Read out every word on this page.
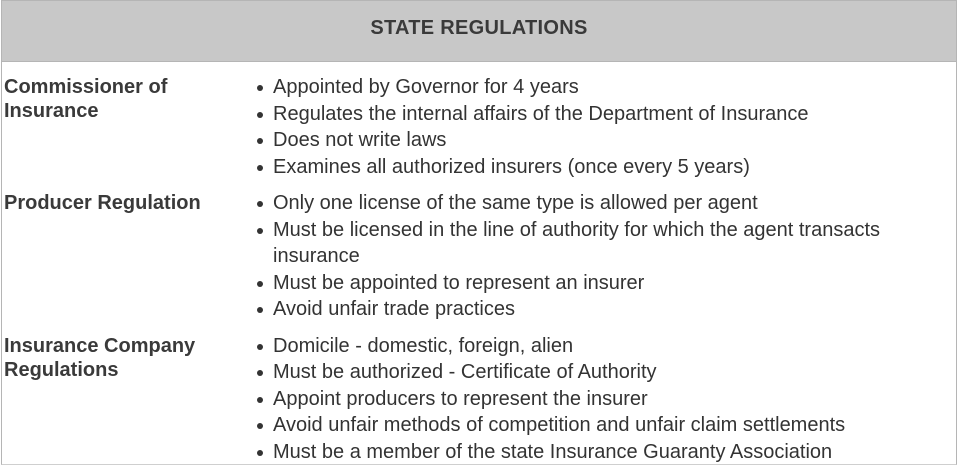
STATE REGULATIONS
Commissioner of Insurance
Appointed by Governor for 4 years
Regulates the internal affairs of the Department of Insurance
Does not write laws
Examines all authorized insurers (once every 5 years)
Producer Regulation	Only one license of the same type is allowed per agent
Must be licensed in the line of authority for which the agent transacts insurance
Must be appointed to represent an insurer
Avoid unfair trade practices
Insurance Company Regulations
Domicile - domestic, foreign, alien
Must be authorized - Certificate of Authority
Appoint producers to represent the insurer
Avoid unfair methods of competition and unfair claim settlements
Must be a member of the state Insurance Guaranty Association
